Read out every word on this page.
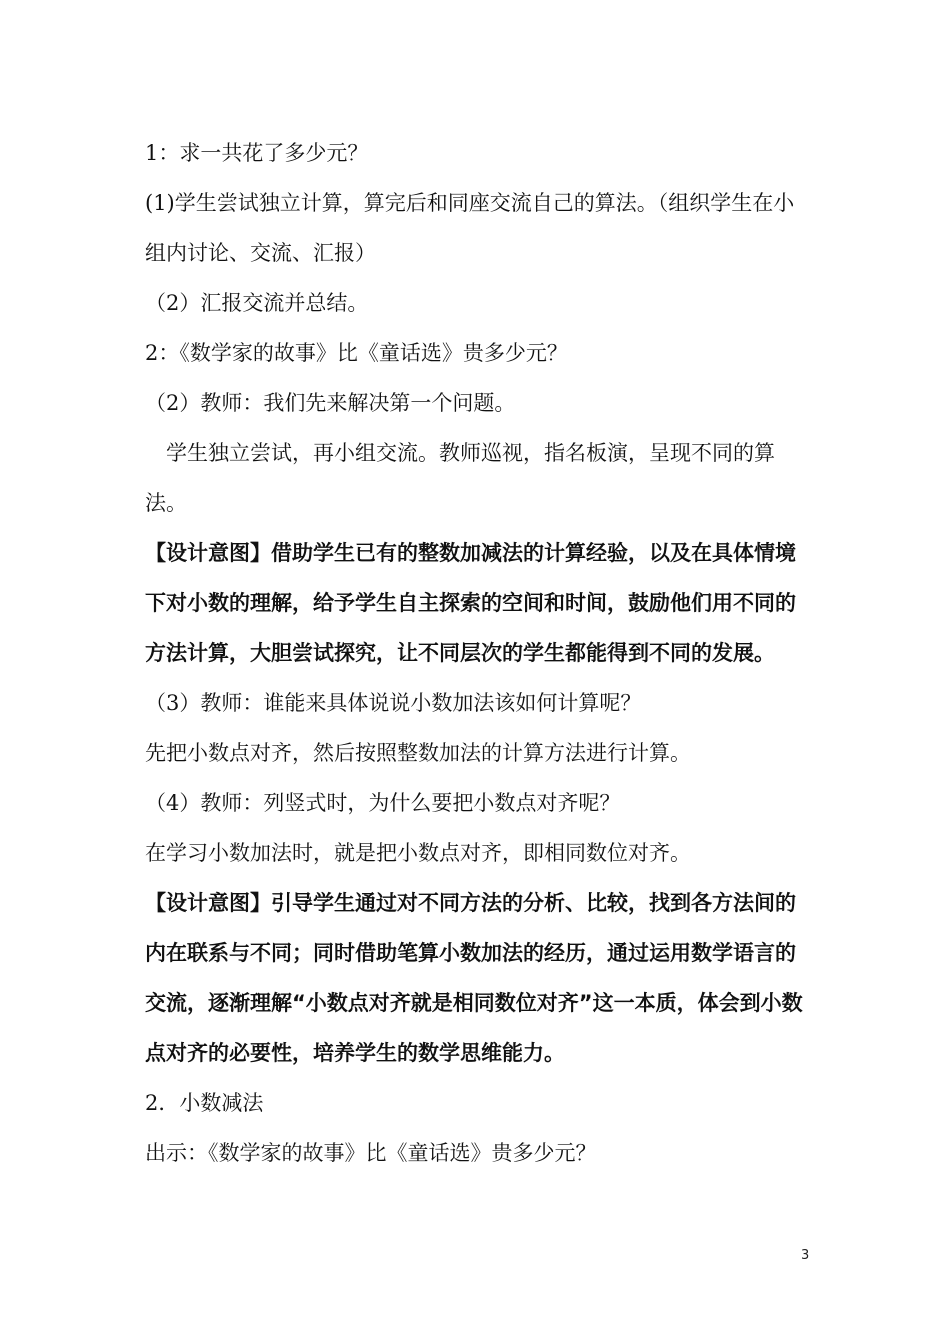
1：求一共花了多少元？

(1)学生尝试独立计算，算完后和同座交流自己的算法。（组织学生在小组内讨论、交流、汇报）

（2）汇报交流并总结。

2：《数学家的故事》比《童话选》贵多少元？

（2）教师：我们先来解决第一个问题。

学生独立尝试，再小组交流。教师巡视，指名板演，呈现不同的算法。

【设计意图】借助学生已有的整数加减法的计算经验，以及在具体情境下对小数的理解，给予学生自主探索的空间和时间，鼓励他们用不同的方法计算，大胆尝试探究，让不同层次的学生都能得到不同的发展。

（3）教师：谁能来具体说说小数加法该如何计算呢？

先把小数点对齐，然后按照整数加法的计算方法进行计算。

（4）教师：列竖式时，为什么要把小数点对齐呢？

在学习小数加法时，就是把小数点对齐，即相同数位对齐。

【设计意图】引导学生通过对不同方法的分析、比较，找到各方法间的内在联系与不同；同时借助笔算小数加法的经历，通过运用数学语言的交流，逐渐理解“小数点对齐就是相同数位对齐”这一本质，体会到小数点对齐的必要性，培养学生的数学思维能力。

2．小数减法

出示：《数学家的故事》比《童话选》贵多少元？

3
